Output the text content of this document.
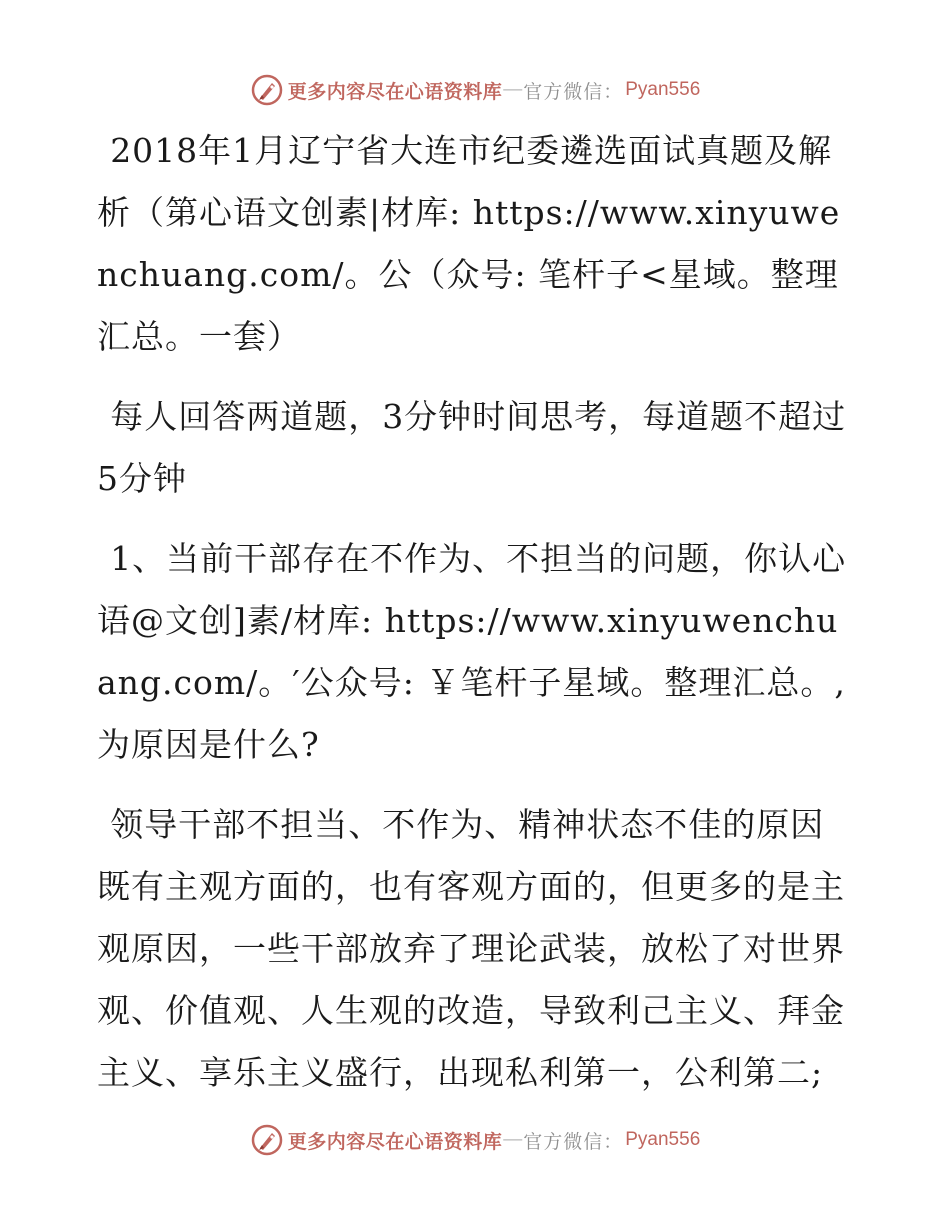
更多内容尽在心语资料库 — 官方微信： Pyan556

2018年1月辽宁省大连市纪委遴选面试真题及解析（第心语文创素|材库: https://www.xinyuwenchuang.com/。公（众号: 笔杆子<星域。整理汇总。一套）

每人回答两道题，3分钟时间思考，每道题不超过5分钟

1、当前干部存在不作为、不担当的问题，你认心语@文创]素/材库: https://www.xinyuwenchuang.com/。′公众号: ￥笔杆子星域。整理汇总。,为原因是什么?

领导干部不担当、不作为、精神状态不佳的原因既有主观方面的，也有客观方面的，但更多的是主观原因，一些干部放弃了理论武装，放松了对世界观、价值观、人生观的改造，导致利己主义、拜金主义、享乐主义盛行，出现私利第一，公利第二;

更多内容尽在心语资料库 — 官方微信： Pyan556
